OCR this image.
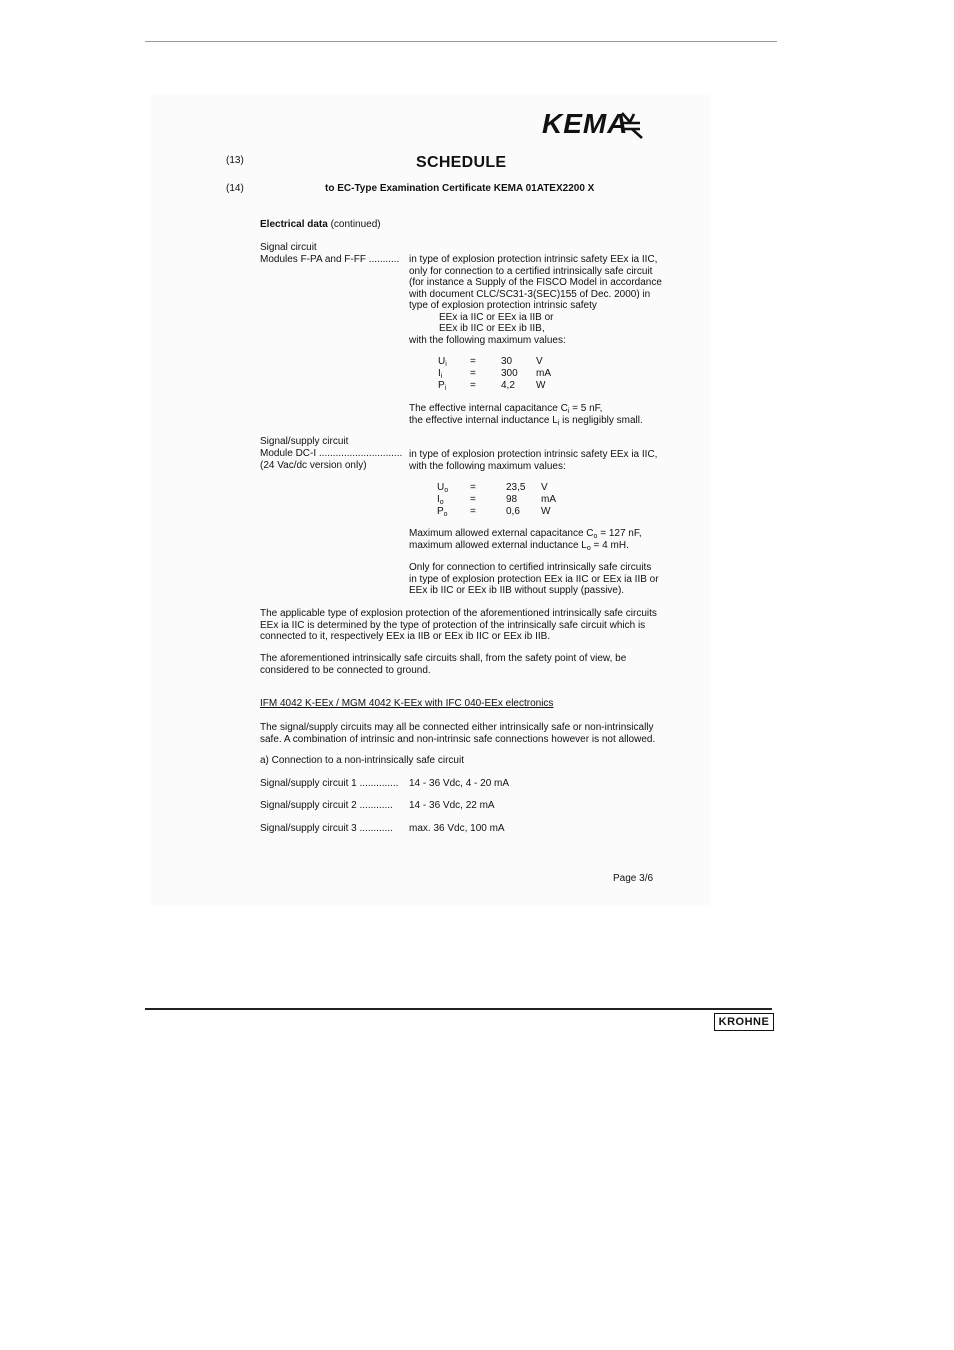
KEMA
(13)	SCHEDULE
(14)	to EC-Type Examination Certificate KEMA 01ATEX2200 X
Electrical data (continued)
Signal circuit
Modules F-PA and F-FF ........... in type of explosion protection intrinsic safety EEx ia IIC,
only for connection to a certified intrinsically safe circuit
(for instance a Supply of the FISCO Model in accordance
with document CLC/SC31-3(SEC)155 of Dec. 2000) in
type of explosion protection intrinsic safety
EEx ia IIC or EEx ia IIB or
EEx ib IIC or EEx ib IIB,
with the following maximum values:
$U_i$ =	30 V
$I_i$	=	300 mA
$P_i$ =	4,2 W
The effective internal capacitance $C_i = 5$ nF,
the effective internal inductance $L_i$ is negligibly small.
Signal/supply circuit
Module DC-I ..............................
(24 Vac/dc version only)
in type of explosion protection intrinsic safety EEx ia IIC,
with the following maximum values:
$U_o$ =	23,5 V
$I_o$	=	98 mA
$P_o$ =	0,6 W
Maximum allowed external capacitance $C_o = 127$ nF,
maximum allowed external inductance $L_o = 4$ mH.
Only for connection to certified intrinsically safe circuits
in type of explosion protection EEx ia IIC or EEx ia IIB or
EEx ib IIC or EEx ib IIB without supply (passive).
The applicable type of explosion protection of the aforementioned intrinsically safe circuits
EEx ia IIC is determined by the type of protection of the intrinsically safe circuit which is
connected to it, respectively EEx ia IIB or EEx ib IIC or EEx ib IIB.
The aforementioned intrinsically safe circuits shall, from the safety point of view, be
considered to be connected to ground.
IFM 4042 K-EEx / MGM 4042 K-EEx with IFC 040-EEx electronics
The signal/supply circuits may all be connected either intrinsically safe or non-intrinsically
safe. A combination of intrinsic and non-intrinsic safe connections however is not allowed.
a) Connection to a non-intrinsically safe circuit
Signal/supply circuit 1 .............. 14 - 36 Vdc, 4 - 20 mA
Signal/supply circuit 2 ............ 14 - 36 Vdc, 22 mA
Signal/supply circuit 3 ............ max. 36 Vdc, 100 mA
Page 3/6
KROHNE
